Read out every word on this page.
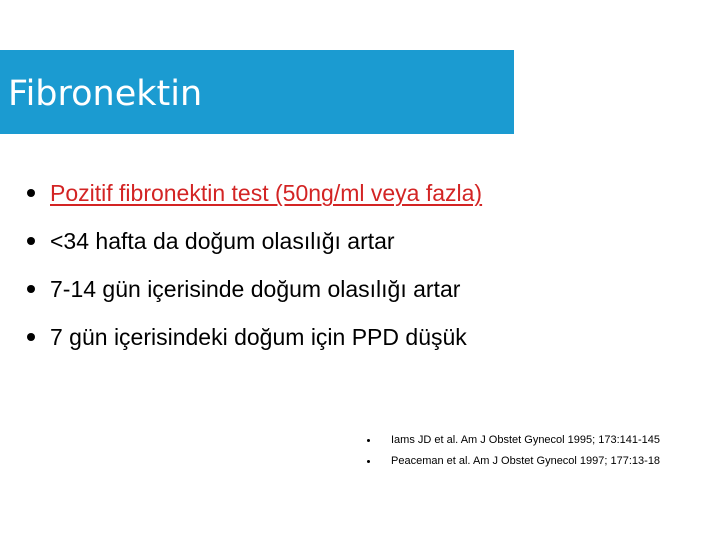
Fibronektin
Pozitif fibronektin test (50ng/ml veya fazla)
<34 hafta da doğum olasılığı artar
7-14 gün içerisinde doğum olasılığı artar
7 gün içerisindeki doğum için PPD düşük
Iams JD et al. Am J Obstet Gynecol 1995; 173:141-145
Peaceman et al. Am J Obstet Gynecol 1997; 177:13-18
